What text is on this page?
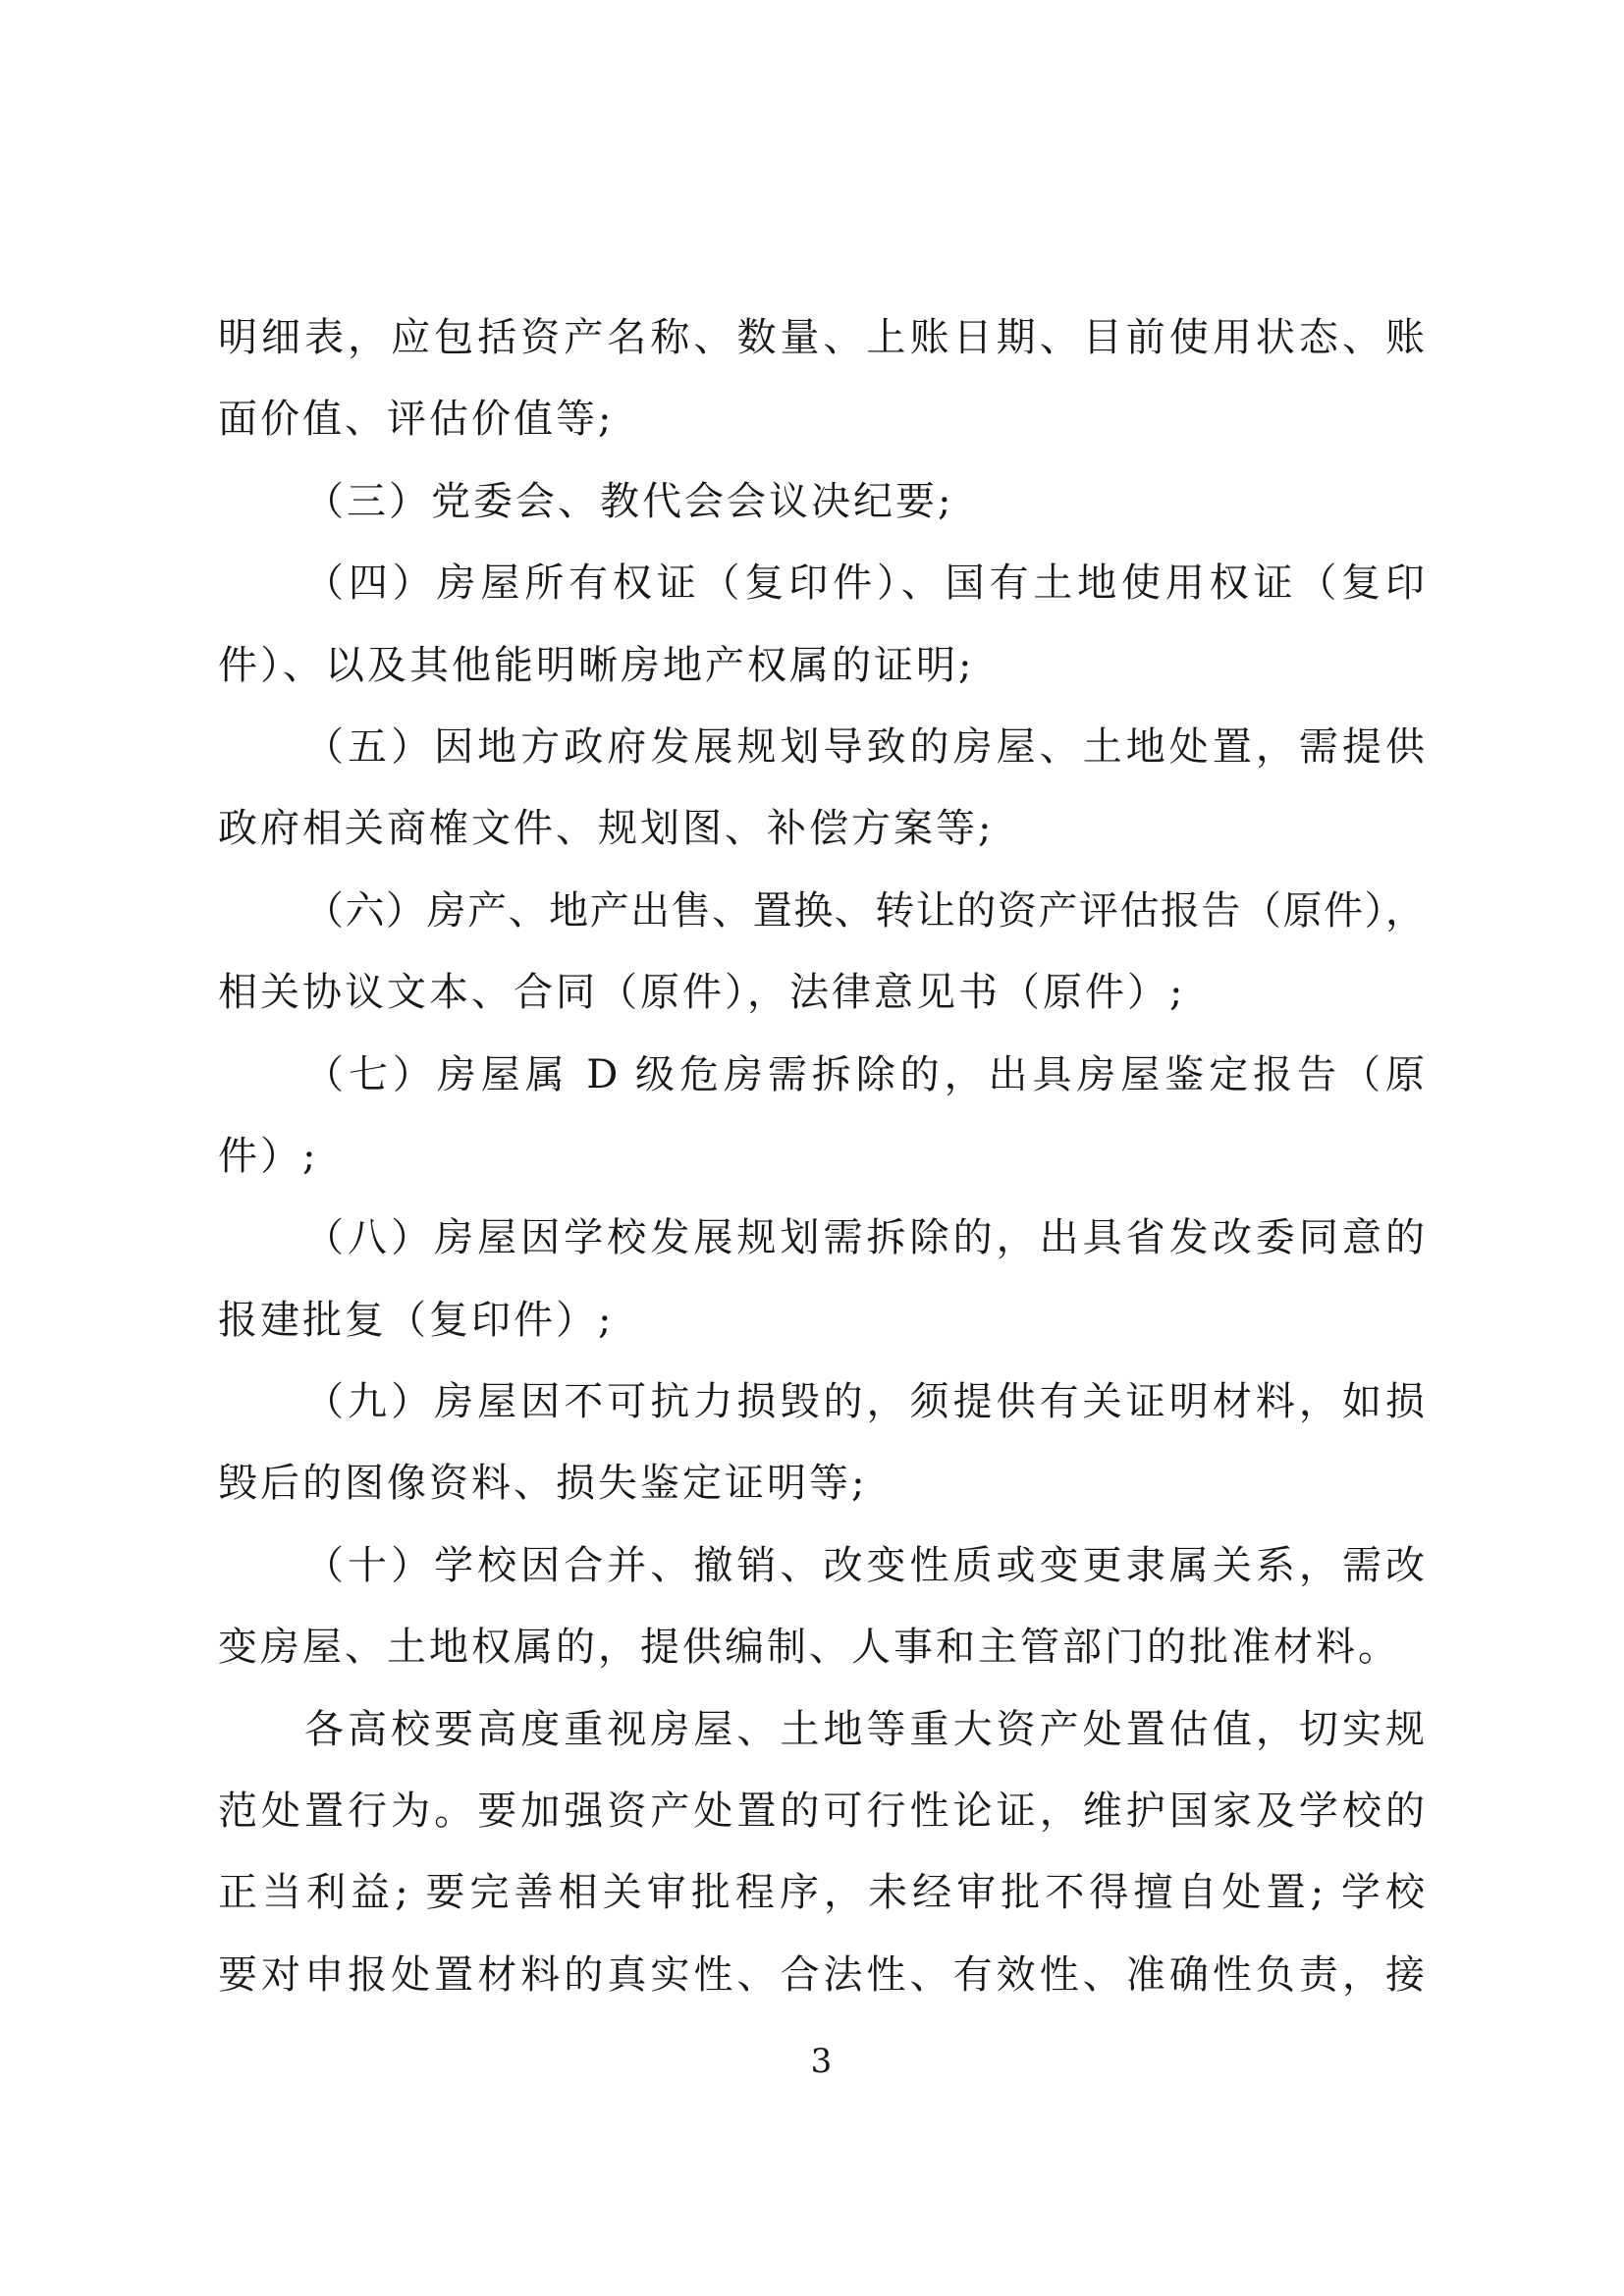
明细表，应包括资产名称、数量、上账日期、目前使用状态、账
面价值、评估价值等;
（三）党委会、教代会会议决纪要;
（四）房屋所有权证（复印件）、国有土地使用权证（复印
件）、以及其他能明晰房地产权属的证明;
（五）因地方政府发展规划导致的房屋、土地处置，需提供
政府相关商榷文件、规划图、补偿方案等;
（六）房产、地产出售、置换、转让的资产评估报告（原件），
相关协议文本、合同（原件），法律意见书（原件）;
（七）房屋属 D 级危房需拆除的，出具房屋鉴定报告（原
件）;
（八）房屋因学校发展规划需拆除的，出具省发改委同意的
报建批复（复印件）;
（九）房屋因不可抗力损毁的，须提供有关证明材料，如损
毁后的图像资料、损失鉴定证明等;
（十）学校因合并、撤销、改变性质或变更隶属关系，需改
变房屋、土地权属的，提供编制、人事和主管部门的批准材料。
各高校要高度重视房屋、土地等重大资产处置估值，切实规
范处置行为。要加强资产处置的可行性论证，维护国家及学校的
正当利益; 要完善相关审批程序，未经审批不得擅自处置; 学校
要对申报处置材料的真实性、合法性、有效性、准确性负责，接
3
